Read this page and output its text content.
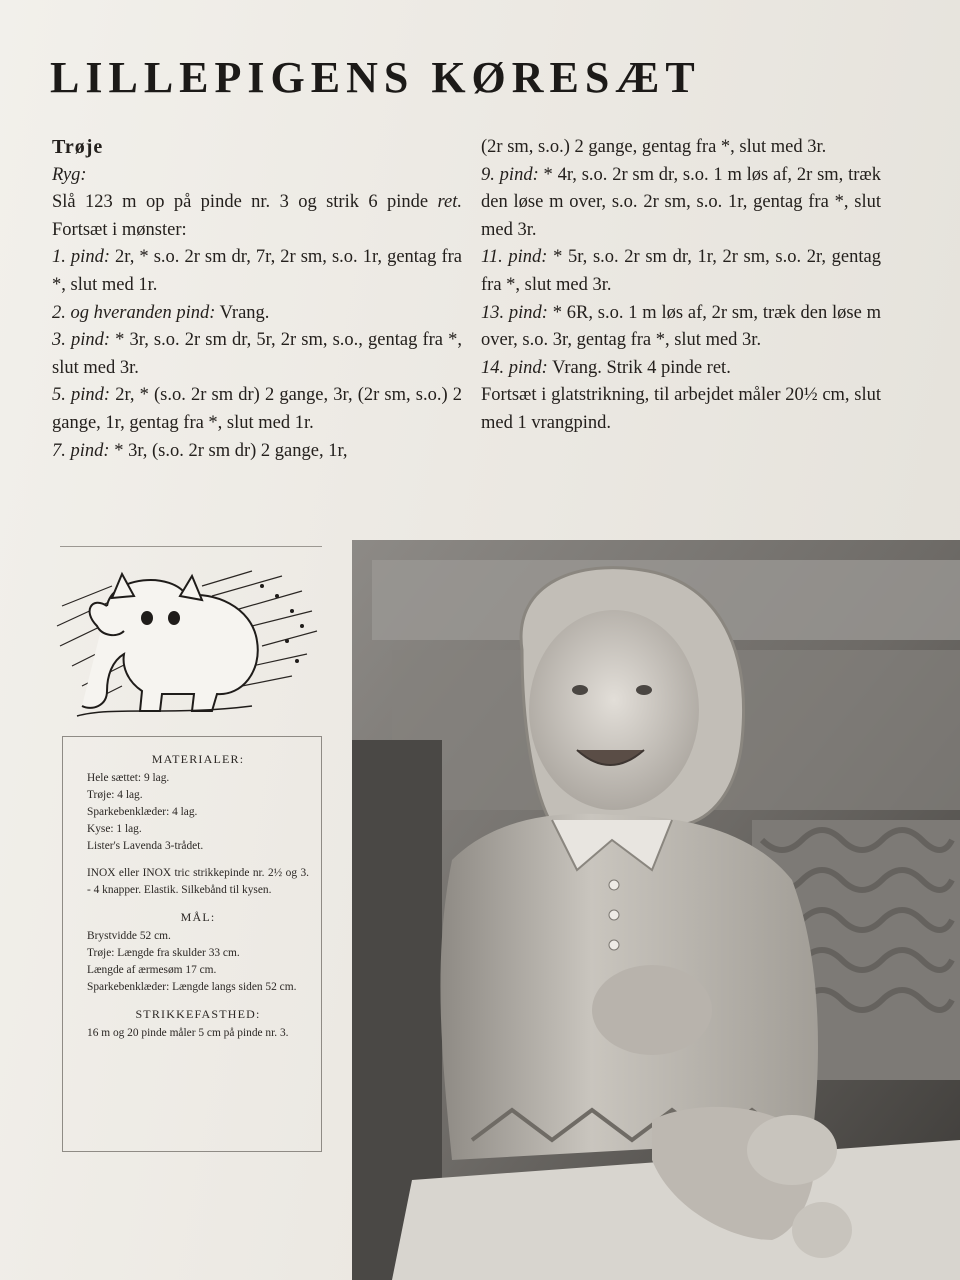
LILLEPIGENS KØRESÆT

Trøje

Ryg:

Slå 123 m op på pinde nr. 3 og strik 6 pinde ret. Fortsæt i mønster:

1. pind: 2r, * s.o. 2r sm dr, 7r, 2r sm, s.o. 1r, gentag fra *, slut med 1r.

2. og hveranden pind: Vrang.

3. pind: * 3r, s.o. 2r sm dr, 5r, 2r sm, s.o., gentag fra *, slut med 3r.

5. pind: 2r, * (s.o. 2r sm dr) 2 gange, 3r, (2r sm, s.o.) 2 gange, 1r, gentag fra *, slut med 1r.

7. pind: * 3r, (s.o. 2r sm dr) 2 gange, 1r,

(2r sm, s.o.) 2 gange, gentag fra *, slut med 3r.

9. pind: * 4r, s.o. 2r sm dr, s.o. 1 m løs af, 2r sm, træk den løse m over, s.o. 2r sm, s.o. 1r, gentag fra *, slut med 3r.

11. pind: * 5r, s.o. 2r sm dr, 1r, 2r sm, s.o. 2r, gentag fra *, slut med 3r.

13. pind: * 6R, s.o. 1 m løs af, 2r sm, træk den løse m over, s.o. 3r, gentag fra *, slut med 3r.

14. pind: Vrang. Strik 4 pinde ret.

Fortsæt i glatstrikning, til arbejdet måler 20½ cm, slut med 1 vrangpind.

MATERIALER:

Hele sættet: 9 lag.

Trøje: 4 lag.

Sparkebenklæder: 4 lag.

Kyse: 1 lag.

Lister's Lavenda 3-trådet.

INOX eller INOX tric strikkepinde nr. 2½ og 3. - 4 knapper. Elastik. Silkebånd til kysen.

MÅL:

Brystvidde 52 cm.

Trøje: Længde fra skulder 33 cm.

Længde af ærmesøm 17 cm.

Sparkebenklæder: Længde langs siden 52 cm.

STRIKKEFASTHED:

16 m og 20 pinde måler 5 cm på pinde nr. 3.
